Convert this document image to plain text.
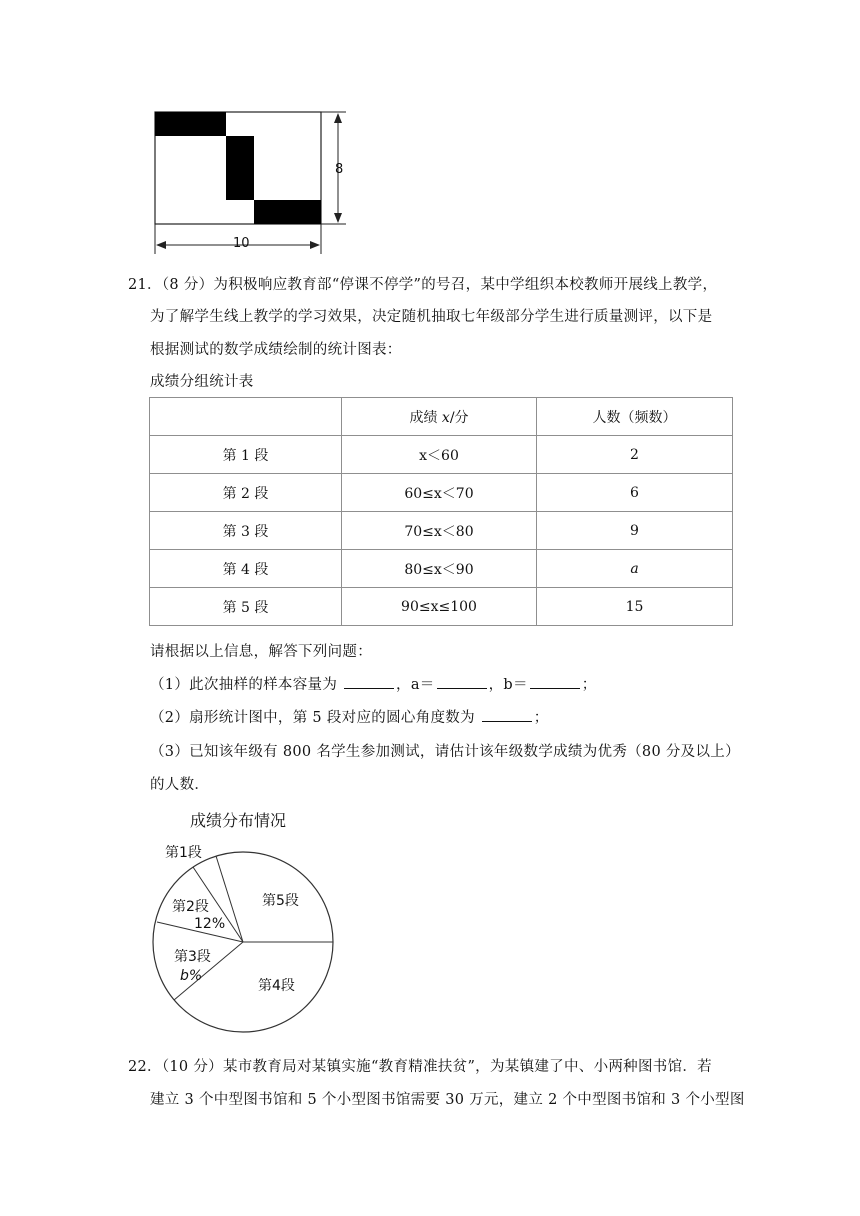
8
10
21．（8 分）为积极响应教育部“停课不停学”的号召，某中学组织本校教师开展线上教学，
为了解学生线上教学的学习效果，决定随机抽取七年级部分学生进行质量测评，以下是
根据测试的数学成绩绘制的统计图表：
成绩分组统计表
	成绩 x/分	人数（频数）
第 1 段	x＜60	2
第 2 段	60≤x＜70	6
第 3 段	70≤x＜80	9
第 4 段	80≤x＜90	a
第 5 段	90≤x≤100	15
请根据以上信息，解答下列问题：
（1）此次抽样的样本容量为	，a＝	，b＝	；
（2）扇形统计图中，第 5 段对应的圆心角度数为	；
（3）已知该年级有 800 名学生参加测试，请估计该年级数学成绩为优秀（80 分及以上）
的人数．
成绩分布情况
第1段
第2段
12%
第3段
b%
第4段
第5段
22．（10 分）某市教育局对某镇实施“教育精准扶贫”，为某镇建了中、小两种图书馆．若
建立 3 个中型图书馆和 5 个小型图书馆需要 30 万元，建立 2 个中型图书馆和 3 个小型图
